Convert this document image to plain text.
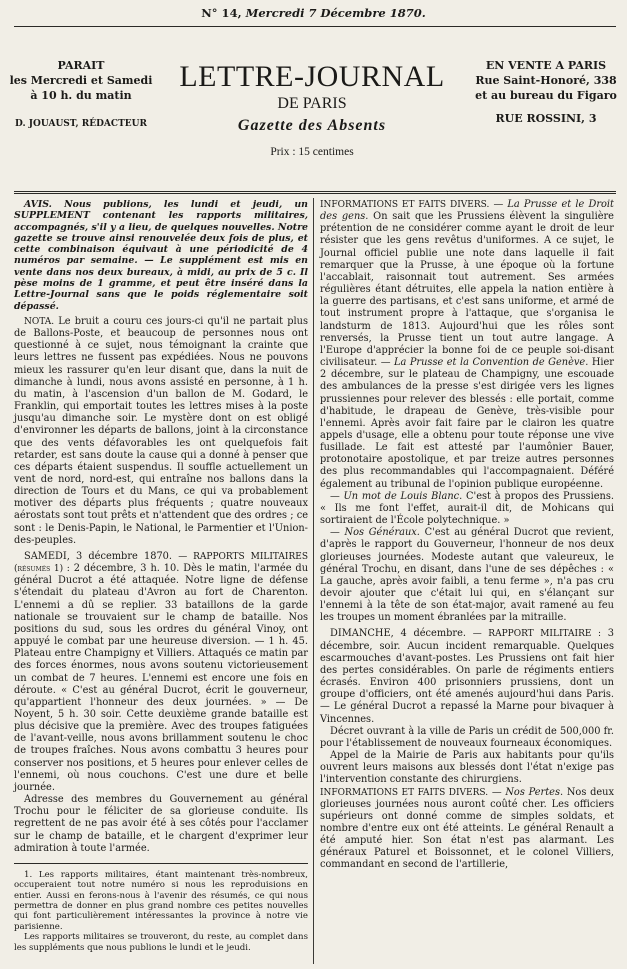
N° 14, Mercredi 7 Décembre 1870.
PARAIT
les Mercredi et Samedi
à 10 h. du matin
D. JOUAUST, RÉDACTEUR
LETTRE-JOURNAL
DE PARIS
Gazette des Absents
Prix : 15 centimes
EN VENTE A PARIS
Rue Saint-Honoré, 338
et au bureau du Figaro
RUE ROSSINI, 3

AVIS. Nous publions, les lundi et jeudi, un SUPPLEMENT contenant les rapports militaires, accompagnés, s'il y a lieu, de quelques nouvelles. Notre gazette se trouve ainsi renouvelée deux fois de plus, et cette combinaison équivaut à une périodicité de 4 numéros par semaine. — Le supplément est mis en vente dans nos deux bureaux, à midi, au prix de 5 c. Il pèse moins de 1 gramme, et peut être inséré dans la Lettre-Journal sans que le poids réglementaire soit dépassé.

NOTA. Le bruit a couru ces jours-ci qu'il ne partait plus de Ballons-Poste, et beaucoup de personnes nous ont questionné à ce sujet, nous témoignant la crainte que leurs lettres ne fussent pas expédiées. Nous ne pouvons mieux les rassurer qu'en leur disant que, dans la nuit de dimanche à lundi, nous avons assisté en personne, à 1 h. du matin, à l'ascension d'un ballon de M. Godard, le Franklin, qui emportait toutes les lettres mises à la poste jusqu'au dimanche soir. Le mystère dont on est obligé d'environner les départs de ballons, joint à la circonstance que des vents défavorables les ont quelquefois fait retarder, est sans doute la cause qui a donné à penser que ces départs étaient suspendus. Il souffle actuellement un vent de nord, nord-est, qui entraîne nos ballons dans la direction de Tours et du Mans, ce qui va probablement motiver des départs plus fréquents ; quatre nouveaux aérostats sont tout prêts et n'attendent que des ordres ; ce sont : le Denis-Papin, le National, le Parmentier et l'Union-des-peuples.

SAMEDI, 3 décembre 1870. — RAPPORTS MILITAIRES (résumés 1) : 2 décembre, 3 h. 10. Dès le matin, l'armée du général Ducrot a été attaquée. Notre ligne de défense s'étendait du plateau d'Avron au fort de Charenton. L'ennemi a dû se replier. 33 bataillons de la garde nationale se trouvaient sur le champ de bataille. Nos positions du sud, sous les ordres du général Vinoy, ont appuyé le combat par une heureuse diversion. — 1 h. 45. Plateau entre Champigny et Villiers. Attaqués ce matin par des forces énormes, nous avons soutenu victorieusement un combat de 7 heures. L'ennemi est encore une fois en déroute. « C'est au général Ducrot, écrit le gouverneur, qu'appartient l'honneur des deux journées. » — De Noyent, 5 h. 30 soir. Cette deuxième grande bataille est plus décisive que la première. Avec des troupes fatiguées de l'avant-veille, nous avons brillamment soutenu le choc de troupes fraîches. Nous avons combattu 3 heures pour conserver nos positions, et 5 heures pour enlever celles de l'ennemi, où nous couchons. C'est une dure et belle journée.

Adresse des membres du Gouvernement au général Trochu pour le féliciter de sa glorieuse conduite. Ils regrettent de ne pas avoir été à ses côtés pour l'acclamer sur le champ de bataille, et le chargent d'exprimer leur admiration à toute l'armée.

1. Les rapports militaires, étant maintenant très-nombreux, occuperaient tout notre numéro si nous les reproduisions en entier. Aussi en ferons-nous à l'avenir des résumés, ce qui nous permettra de donner en plus grand nombre ces petites nouvelles qui font particulièrement intéressantes la province à notre vie parisienne.

Les rapports militaires se trouveront, du reste, au complet dans les suppléments que nous publions le lundi et le jeudi.

INFORMATIONS ET FAITS DIVERS. — La Prusse et le Droit des gens. On sait que les Prussiens élèvent la singulière prétention de ne considérer comme ayant le droit de leur résister que les gens revêtus d'uniformes. A ce sujet, le Journal officiel publie une note dans laquelle il fait remarquer que la Prusse, à une époque où la fortune l'accablait, raisonnait tout autrement. Ses armées régulières étant détruites, elle appela la nation entière à la guerre des partisans, et c'est sans uniforme, et armé de tout instrument propre à l'attaque, que s'organisa le landsturm de 1813. Aujourd'hui que les rôles sont renversés, la Prusse tient un tout autre langage. A l'Europe d'apprécier la bonne foi de ce peuple soi-disant civilisateur. — La Prusse et la Convention de Genève. Hier 2 décembre, sur le plateau de Champigny, une escouade des ambulances de la presse s'est dirigée vers les lignes prussiennes pour relever des blessés : elle portait, comme d'habitude, le drapeau de Genève, très-visible pour l'ennemi. Après avoir fait faire par le clairon les quatre appels d'usage, elle a obtenu pour toute réponse une vive fusillade. Le fait est attesté par l'aumônier Bauer, protonotaire apostolique, et par treize autres personnes des plus recommandables qui l'accompagnaient. Déféré également au tribunal de l'opinion publique européenne.

— Un mot de Louis Blanc. C'est à propos des Prussiens. « Ils me font l'effet, aurait-il dit, de Mohicans qui sortiraient de l'École polytechnique. »

— Nos Généraux. C'est au général Ducrot que revient, d'après le rapport du Gouverneur, l'honneur de nos deux glorieuses journées. Modeste autant que valeureux, le général Trochu, en disant, dans l'une de ses dépêches : « La gauche, après avoir faibli, a tenu ferme », n'a pas cru devoir ajouter que c'était lui qui, en s'élançant sur l'ennemi à la tête de son état-major, avait ramené au feu les troupes un moment ébranlées par la mitraille.

DIMANCHE, 4 décembre. — RAPPORT MILITAIRE : 3 décembre, soir. Aucun incident remarquable. Quelques escarmouches d'avant-postes. Les Prussiens ont fait hier des pertes considérables. On parle de régiments entiers écrasés. Environ 400 prisonniers prussiens, dont un groupe d'officiers, ont été amenés aujourd'hui dans Paris. — Le général Ducrot a repassé la Marne pour bivaquer à Vincennes.

Décret ouvrant à la ville de Paris un crédit de 500,000 fr. pour l'établissement de nouveaux fourneaux économiques.

Appel de la Mairie de Paris aux habitants pour qu'ils ouvrent leurs maisons aux blessés dont l'état n'exige pas l'intervention constante des chirurgiens.

INFORMATIONS ET FAITS DIVERS. — Nos Pertes. Nos deux glorieuses journées nous auront coûté cher. Les officiers supérieurs ont donné comme de simples soldats, et nombre d'entre eux ont été atteints. Le général Renault a été amputé hier. Son état n'est pas alarmant. Les généraux Paturel et Boissonnet, et le colonel Villiers, commandant en second de l'artillerie,
